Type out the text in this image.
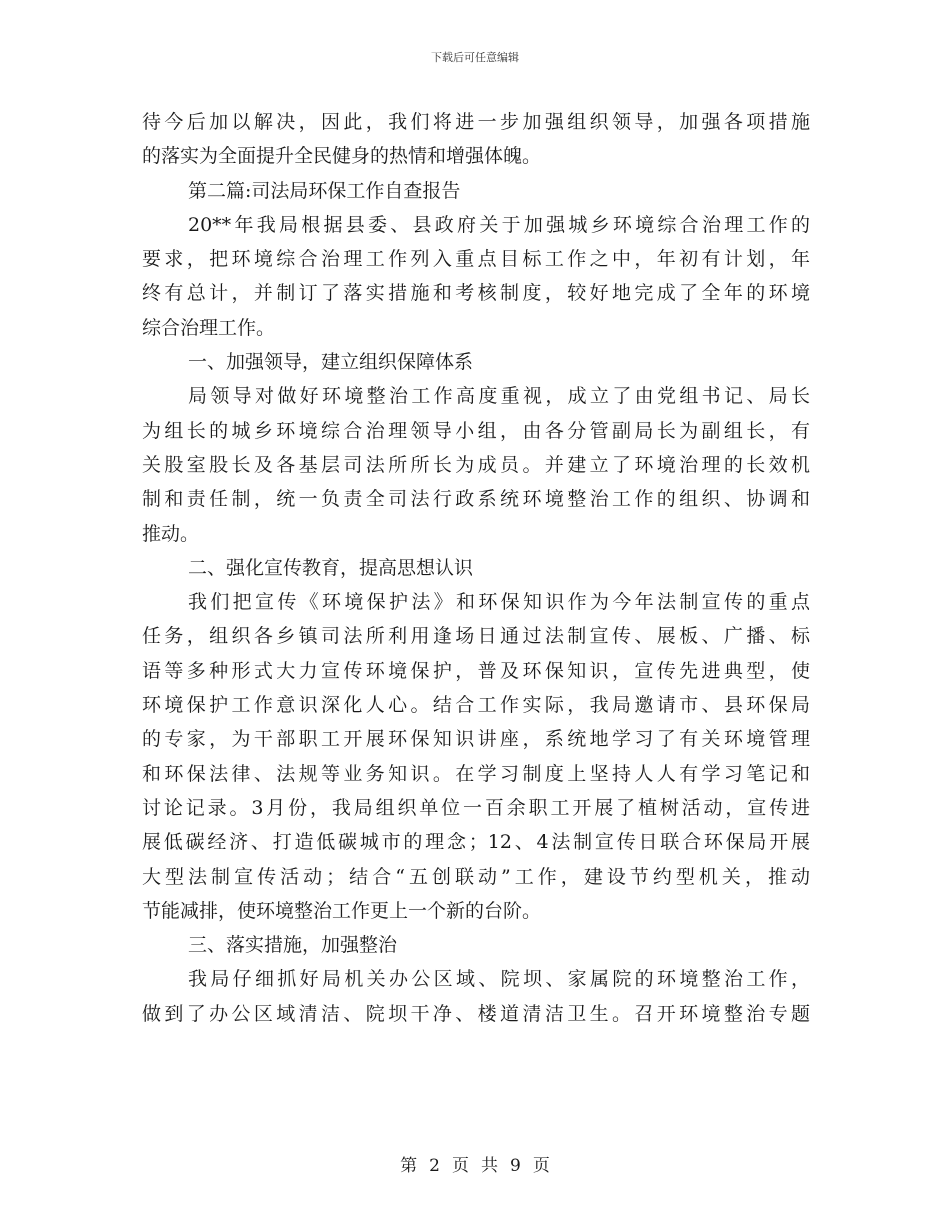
下载后可任意编辑
待今后加以解决，因此，我们将进一步加强组织领导，加强各项措施
的落实为全面提升全民健身的热情和增强体魄。
第二篇:司法局环保工作自查报告
20**年我局根据县委、县政府关于加强城乡环境综合治理工作的
要求，把环境综合治理工作列入重点目标工作之中，年初有计划，年
终有总计，并制订了落实措施和考核制度，较好地完成了全年的环境
综合治理工作。
一、加强领导，建立组织保障体系
局领导对做好环境整治工作高度重视，成立了由党组书记、局长
为组长的城乡环境综合治理领导小组，由各分管副局长为副组长，有
关股室股长及各基层司法所所长为成员。并建立了环境治理的长效机
制和责任制，统一负责全司法行政系统环境整治工作的组织、协调和
推动。
二、强化宣传教育，提高思想认识
我们把宣传《环境保护法》和环保知识作为今年法制宣传的重点
任务，组织各乡镇司法所利用逢场日通过法制宣传、展板、广播、标
语等多种形式大力宣传环境保护，普及环保知识，宣传先进典型，使
环境保护工作意识深化人心。结合工作实际，我局邀请市、县环保局
的专家，为干部职工开展环保知识讲座，系统地学习了有关环境管理
和环保法律、法规等业务知识。在学习制度上坚持人人有学习笔记和
讨论记录。3月份，我局组织单位一百余职工开展了植树活动，宣传进
展低碳经济、打造低碳城市的理念；12、4法制宣传日联合环保局开展
大型法制宣传活动；结合“五创联动”工作，建设节约型机关，推动
节能减排，使环境整治工作更上一个新的台阶。
三、落实措施，加强整治
我局仔细抓好局机关办公区域、院坝、家属院的环境整治工作，
做到了办公区域清洁、院坝干净、楼道清洁卫生。召开环境整治专题
第 2 页 共 9 页
